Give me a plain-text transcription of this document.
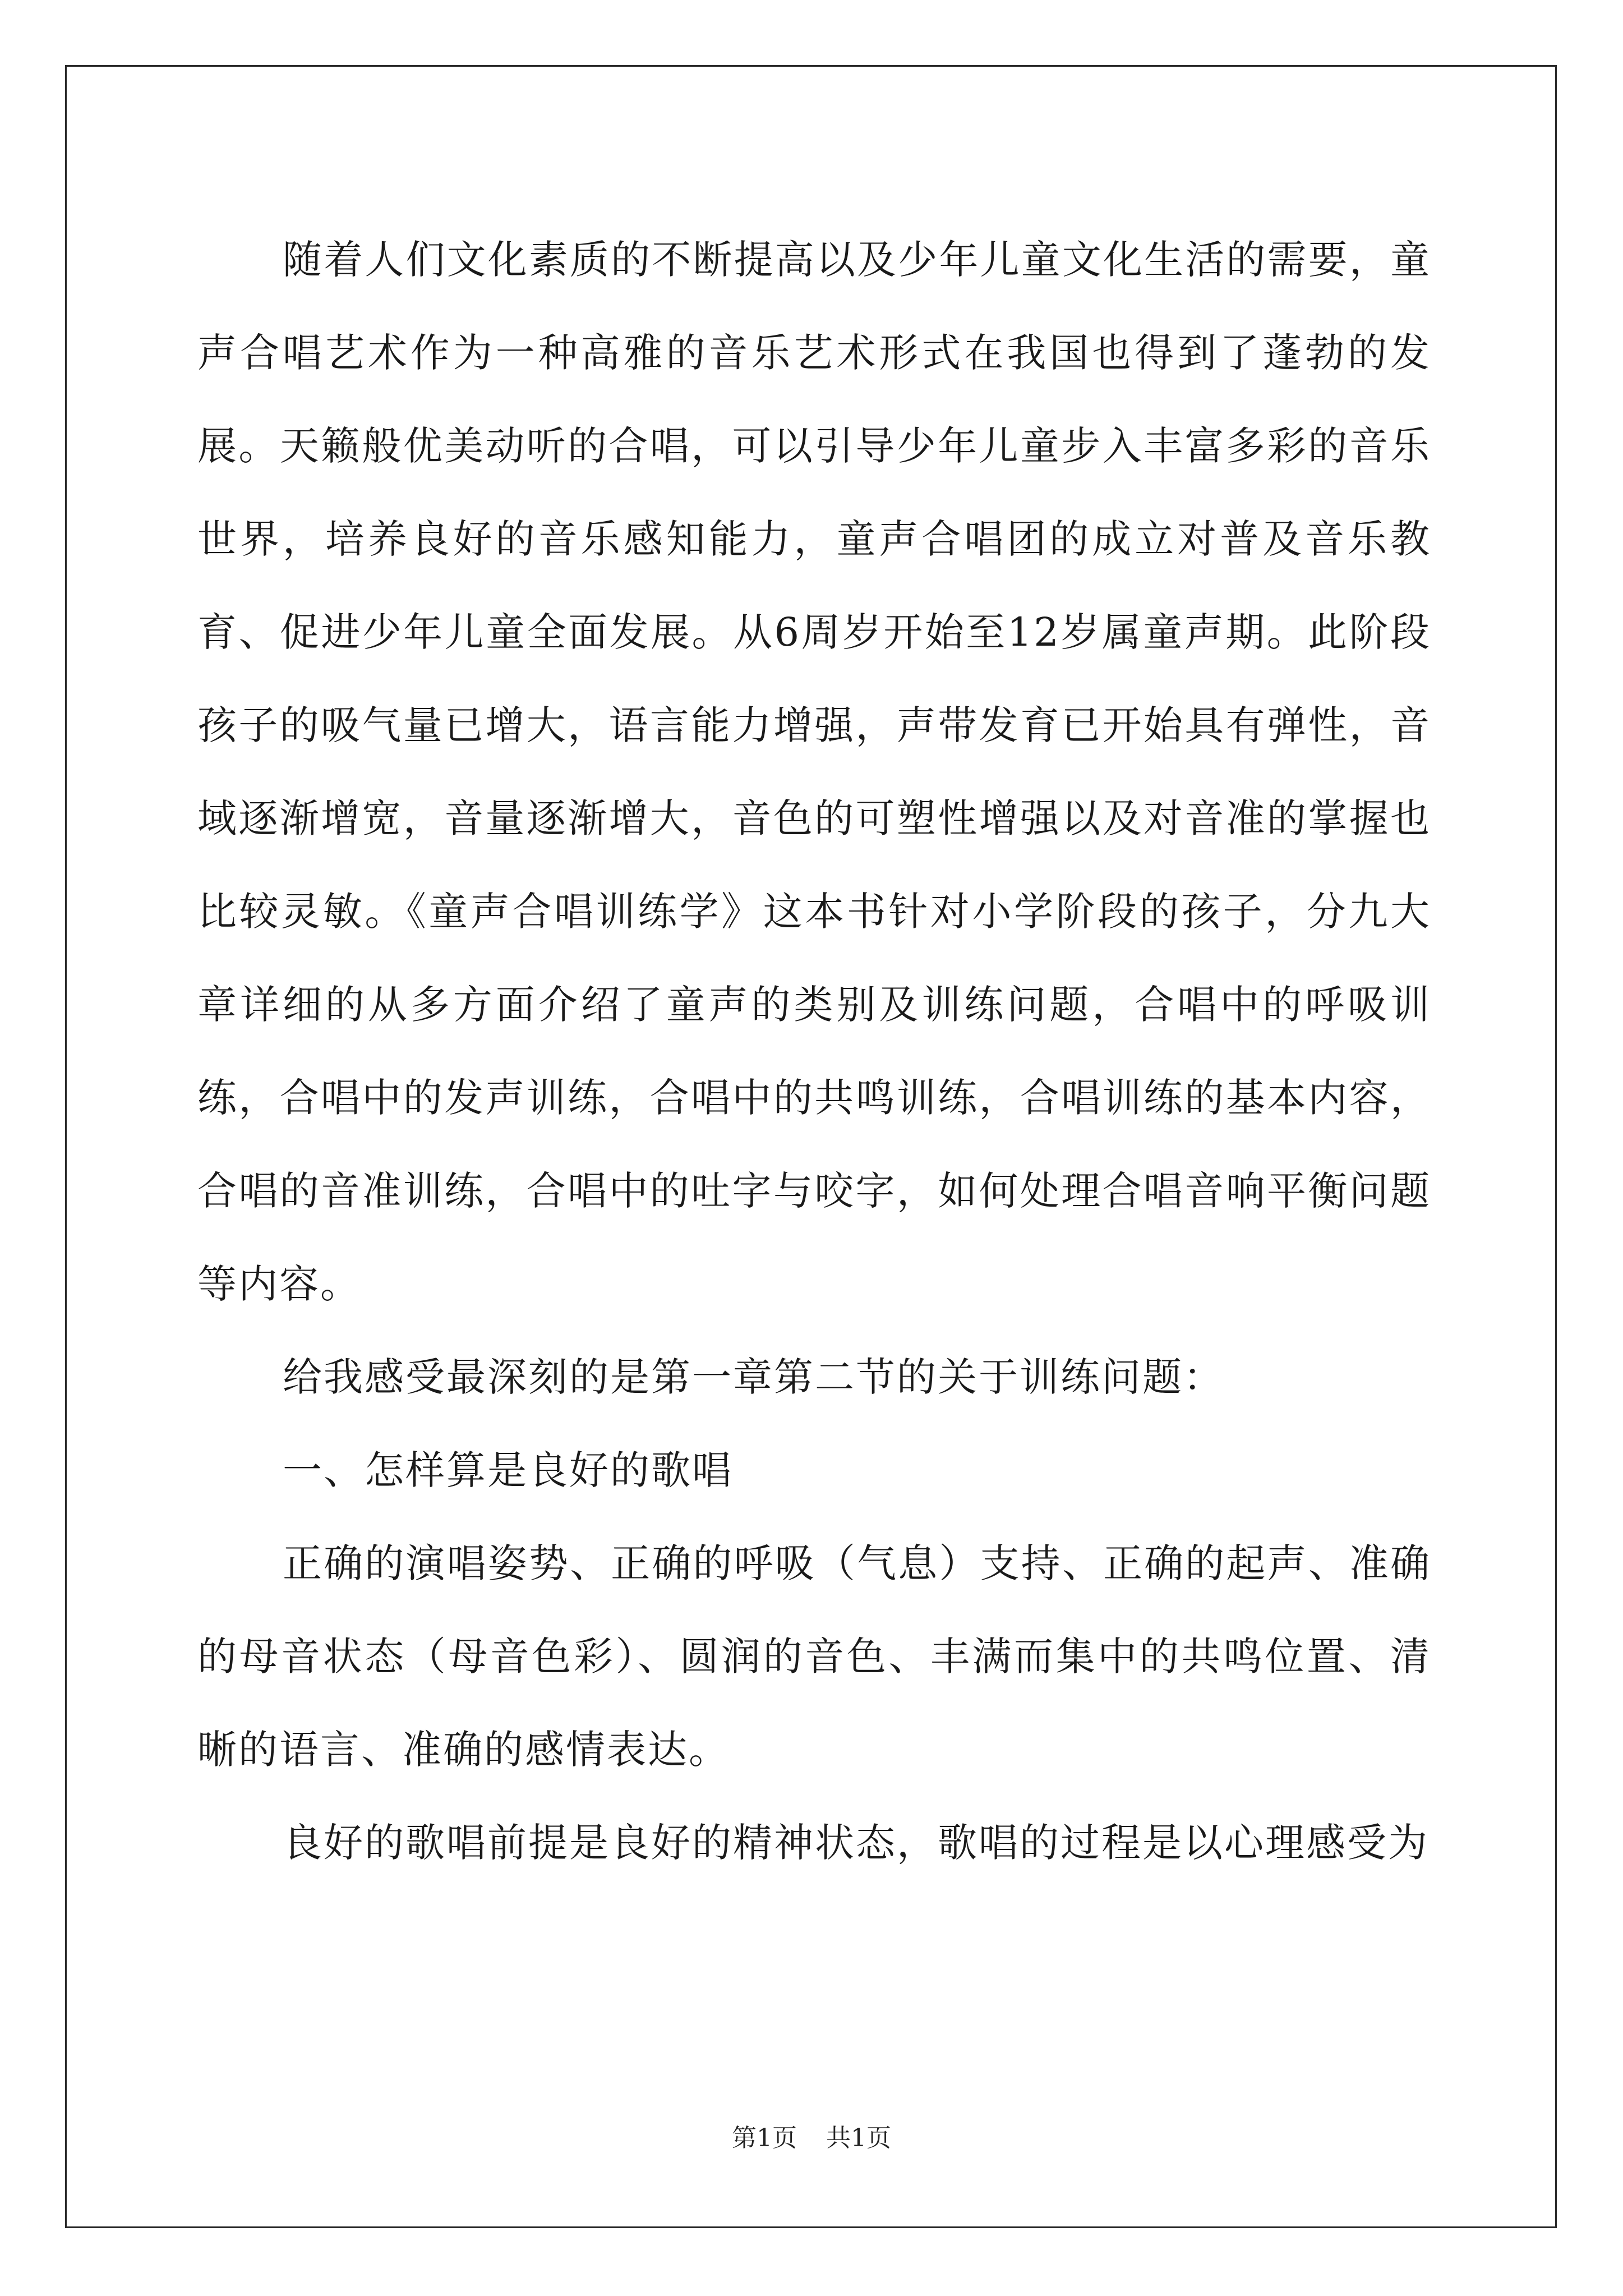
随着人们文化素质的不断提高以及少年儿童文化生活的需要，童声合唱艺术作为一种高雅的音乐艺术形式在我国也得到了蓬勃的发展。天籁般优美动听的合唱，可以引导少年儿童步入丰富多彩的音乐世界，培养良好的音乐感知能力，童声合唱团的成立对普及音乐教育、促进少年儿童全面发展。从6周岁开始至12岁属童声期。此阶段孩子的吸气量已增大，语言能力增强，声带发育已开始具有弹性，音域逐渐增宽，音量逐渐增大，音色的可塑性增强以及对音准的掌握也比较灵敏。《童声合唱训练学》这本书针对小学阶段的孩子，分九大章详细的从多方面介绍了童声的类别及训练问题，合唱中的呼吸训练，合唱中的发声训练，合唱中的共鸣训练，合唱训练的基本内容，合唱的音准训练，合唱中的吐字与咬字，如何处理合唱音响平衡问题等内容。

给我感受最深刻的是第一章第二节的关于训练问题：

一、怎样算是良好的歌唱

正确的演唱姿势、正确的呼吸（气息）支持、正确的起声、准确的母音状态（母音色彩）、圆润的音色、丰满而集中的共鸣位置、清晰的语言、准确的感情表达。

良好的歌唱前提是良好的精神状态，歌唱的过程是以心理感受为

第1页 共1页
